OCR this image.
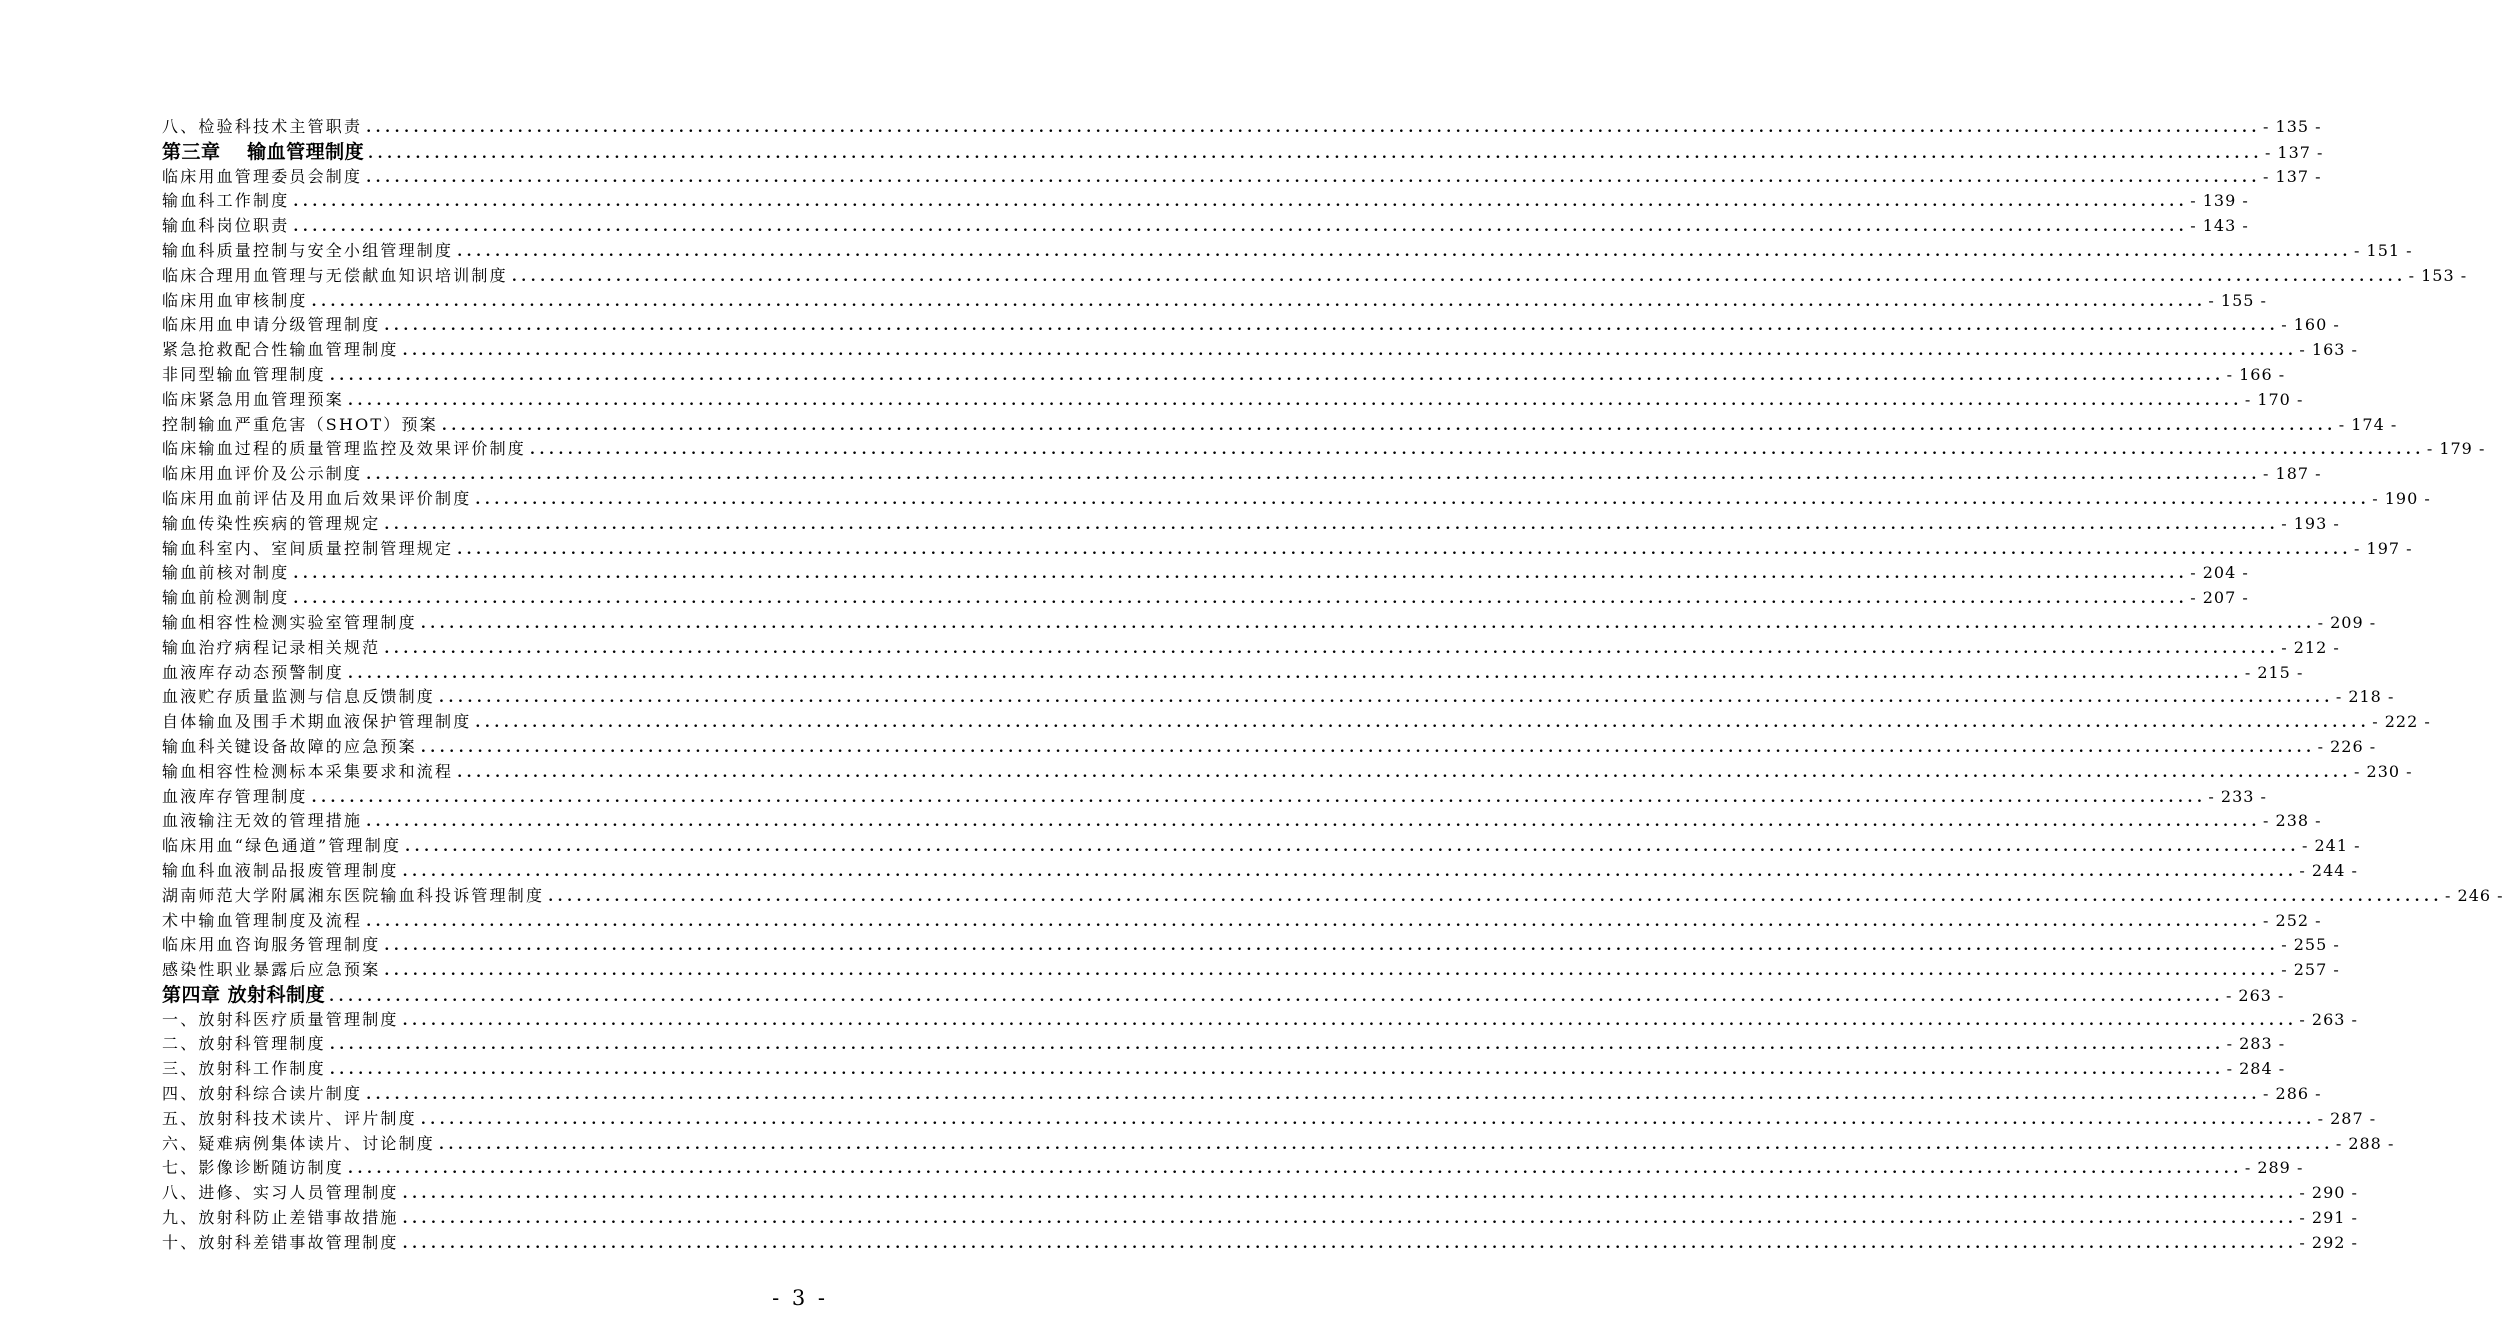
八、检验科技术主管职责 ........................................................................................................................................................................................................ - 135 -
第三章　 输血管理制度 ........................................................................................................................................................................................................ - 137 -
临床用血管理委员会制度 ........................................................................................................................................................................................................ - 137 -
输血科工作制度 ........................................................................................................................................................................................................ - 139 -
输血科岗位职责 ........................................................................................................................................................................................................ - 143 -
输血科质量控制与安全小组管理制度 ........................................................................................................................................................................................................ - 151 -
临床合理用血管理与无偿献血知识培训制度 ........................................................................................................................................................................................................ - 153 -
临床用血审核制度 ........................................................................................................................................................................................................ - 155 -
临床用血申请分级管理制度 ........................................................................................................................................................................................................ - 160 -
紧急抢救配合性输血管理制度 ........................................................................................................................................................................................................ - 163 -
非同型输血管理制度 ........................................................................................................................................................................................................ - 166 -
临床紧急用血管理预案 ........................................................................................................................................................................................................ - 170 -
控制输血严重危害（SHOT）预案 ........................................................................................................................................................................................................ - 174 -
临床输血过程的质量管理监控及效果评价制度 ........................................................................................................................................................................................................ - 179 -
临床用血评价及公示制度 ........................................................................................................................................................................................................ - 187 -
临床用血前评估及用血后效果评价制度 ........................................................................................................................................................................................................ - 190 -
输血传染性疾病的管理规定 ........................................................................................................................................................................................................ - 193 -
输血科室内、室间质量控制管理规定 ........................................................................................................................................................................................................ - 197 -
输血前核对制度 ........................................................................................................................................................................................................ - 204 -
输血前检测制度 ........................................................................................................................................................................................................ - 207 -
输血相容性检测实验室管理制度 ........................................................................................................................................................................................................ - 209 -
输血治疗病程记录相关规范 ........................................................................................................................................................................................................ - 212 -
血液库存动态预警制度 ........................................................................................................................................................................................................ - 215 -
血液贮存质量监测与信息反馈制度 ........................................................................................................................................................................................................ - 218 -
自体输血及围手术期血液保护管理制度 ........................................................................................................................................................................................................ - 222 -
输血科关键设备故障的应急预案 ........................................................................................................................................................................................................ - 226 -
输血相容性检测标本采集要求和流程 ........................................................................................................................................................................................................ - 230 -
血液库存管理制度 ........................................................................................................................................................................................................ - 233 -
血液输注无效的管理措施 ........................................................................................................................................................................................................ - 238 -
临床用血“绿色通道”管理制度 ........................................................................................................................................................................................................ - 241 -
输血科血液制品报废管理制度 ........................................................................................................................................................................................................ - 244 -
湖南师范大学附属湘东医院输血科投诉管理制度 ........................................................................................................................................................................................................ - 246 -
术中输血管理制度及流程 ........................................................................................................................................................................................................ - 252 -
临床用血咨询服务管理制度 ........................................................................................................................................................................................................ - 255 -
感染性职业暴露后应急预案 ........................................................................................................................................................................................................ - 257 -
第四章 放射科制度 ........................................................................................................................................................................................................ - 263 -
一、放射科医疗质量管理制度 ........................................................................................................................................................................................................ - 263 -
二、放射科管理制度 ........................................................................................................................................................................................................ - 283 -
三、放射科工作制度 ........................................................................................................................................................................................................ - 284 -
四、放射科综合读片制度 ........................................................................................................................................................................................................ - 286 -
五、放射科技术读片、评片制度 ........................................................................................................................................................................................................ - 287 -
六、疑难病例集体读片、讨论制度 ........................................................................................................................................................................................................ - 288 -
七、影像诊断随访制度 ........................................................................................................................................................................................................ - 289 -
八、进修、实习人员管理制度 ........................................................................................................................................................................................................ - 290 -
九、放射科防止差错事故措施 ........................................................................................................................................................................................................ - 291 -
十、放射科差错事故管理制度 ........................................................................................................................................................................................................ - 292 -
- 3 -
